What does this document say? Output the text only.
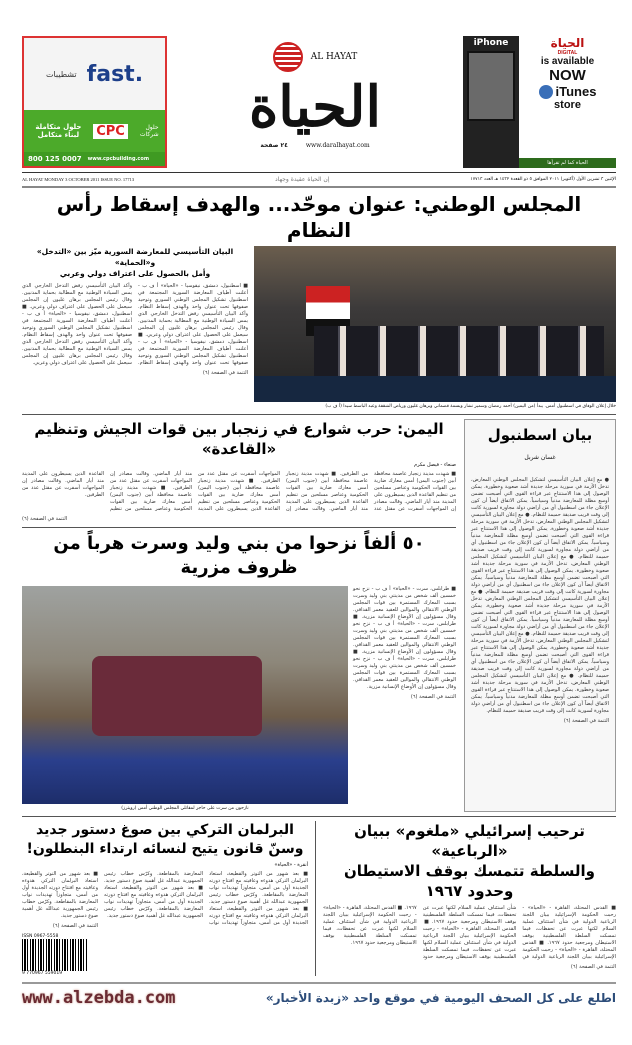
تشطيبات fast.
حلول متكاملة لبناء متكامل	CPC	حلول شركات
800 125 0007 www.cpcbuilding.com
AL HAYAT
الحياة
٢٤ صفحة	www.daralhayat.com
iPhone	الحياة
DIGITAL
is available
NOW
iTunes
store
الحياة كما لم تقرأها
AL HAYAT MONDAY 3 OCTOBER 2011 ISSUE NO. 17713	إن الحياة عقيدة وجهاد	الإثنين ٣ تشرين الأول (أكتوبر) ٢٠١١ الموافق ٥ ذو القعدة ١٤٣٢ هـ العدد ١٧٧١٣
المجلس الوطني: عنوان موحّد... والهدف إسقاط رأس النظام
البيان التأسيسي للمعارضة السورية ميّز بين «التدخل» و«الحماية»
وأمل بالحصول على اعتراف دولي وعربي
■ اسطنبول، دمشق، نيقوسيا - «الحياة» أ ف ب - أعلنت أطياف المعارضة السورية المجتمعة في اسطنبول تشكيل المجلس الوطني السوري وتوحيد صفوفها تحت عنوان واحد والهدف إسقاط النظام. وأكد البيان التأسيسي رفض التدخل الخارجي الذي يمس السيادة الوطنية مع المطالبة بحماية المدنيين. وقال رئيس المجلس برهان غليون إن المجلس سيعمل على الحصول على اعتراف دولي وعربي. ■ اسطنبول، دمشق، نيقوسيا - «الحياة» أ ف ب - أعلنت أطياف المعارضة السورية المجتمعة في اسطنبول تشكيل المجلس الوطني السوري وتوحيد صفوفها تحت عنوان واحد والهدف إسقاط النظام. وأكد البيان التأسيسي رفض التدخل الخارجي الذي يمس السيادة الوطنية مع المطالبة بحماية المدنيين. وقال رئيس المجلس برهان غليون إن المجلس سيعمل على الحصول على اعتراف دولي وعربي. ■ اسطنبول، دمشق، نيقوسيا - «الحياة» أ ف ب - أعلنت أطياف المعارضة السورية المجتمعة في اسطنبول تشكيل المجلس الوطني السوري وتوحيد صفوفها تحت عنوان واحد والهدف إسقاط النظام. وأكد البيان التأسيسي رفض التدخل الخارجي الذي يمس السيادة الوطنية مع المطالبة بحماية المدنيين. وقال رئيس المجلس برهان غليون إن المجلس سيعمل على الحصول على اعتراف دولي وعربي.
التتمة في الصفحة (٦)
خلال إعلان الوفاق في اسطنبول أمس. يبدأ (من اليمين) أحمد رمضان وسمير نشار وبسمة قضماني وبرهان غليون ورياض الشقفة وعبد الباسط سيدا (أ ف ب)
اليمن: حرب شوارع في زنجبار بين قوات الجيش وتنظيم «القاعدة»
صنعاء - فيصل مكرم
■ شهدت مدينة زنجبار عاصمة محافظة أبين (جنوب اليمن) أمس معارك ضارية بين القوات الحكومية وعناصر مسلحين من تنظيم القاعدة الذين يسيطرون على المدينة منذ أيار الماضي. وقالت مصادر إن المواجهات أسفرت عن مقتل عدد من الطرفين. ■ شهدت مدينة زنجبار عاصمة محافظة أبين (جنوب اليمن) أمس معارك ضارية بين القوات الحكومية وعناصر مسلحين من تنظيم القاعدة الذين يسيطرون على المدينة منذ أيار الماضي. وقالت مصادر إن المواجهات أسفرت عن مقتل عدد من الطرفين. ■ شهدت مدينة زنجبار عاصمة محافظة أبين (جنوب اليمن) أمس معارك ضارية بين القوات الحكومية وعناصر مسلحين من تنظيم القاعدة الذين يسيطرون على المدينة منذ أيار الماضي. وقالت مصادر إن المواجهات أسفرت عن مقتل عدد من الطرفين. ■ شهدت مدينة زنجبار عاصمة محافظة أبين (جنوب اليمن) أمس معارك ضارية بين القوات الحكومية وعناصر مسلحين من تنظيم القاعدة الذين يسيطرون على المدينة منذ أيار الماضي. وقالت مصادر إن المواجهات أسفرت عن مقتل عدد من الطرفين.
التتمة في الصفحة (٦)
٥٠ ألفاً نزحوا من بني وليد وسرت هرباً من ظروف مزرية
نازحون من سرت على حاجز لمقاتلي المجلس الوطني أمس (رويترز)
■ طرابلس، سرت - «الحياة» أ ف ب - نزح نحو خمسين ألف شخص من مدينتي بني وليد وسرت بسبب المعارك المستمرة بين قوات المجلس الوطني الانتقالي والموالين للعقيد معمر القذافي. وقال مسؤولون إن الأوضاع الإنسانية مزرية. ■ طرابلس، سرت - «الحياة» أ ف ب - نزح نحو خمسين ألف شخص من مدينتي بني وليد وسرت بسبب المعارك المستمرة بين قوات المجلس الوطني الانتقالي والموالين للعقيد معمر القذافي. وقال مسؤولون إن الأوضاع الإنسانية مزرية. ■ طرابلس، سرت - «الحياة» أ ف ب - نزح نحو خمسين ألف شخص من مدينتي بني وليد وسرت بسبب المعارك المستمرة بين قوات المجلس الوطني الانتقالي والموالين للعقيد معمر القذافي. وقال مسؤولون إن الأوضاع الإنسانية مزرية.
التتمة في الصفحة (٦)
بيان اسطنبول
غسان شربل
● مع إعلان البيان التأسيسي لتشكيل المجلس الوطني المعارض، تدخل الأزمة في سورية مرحلة جديدة أشد صعوبة وخطورة. يمكن الوصول إلى هذا الاستنتاج عبر قراءة القوى التي أصبحت تضمن أوسع مظلة للمعارضة مدنياً وسياسياً. يمكن الاتفاق أيضاً أن كون الإعلان جاء من اسطنبول أي من أراضي دولة مجاورة لسورية كانت إلى وقت قريب صديقة حميمة للنظام. ● مع إعلان البيان التأسيسي لتشكيل المجلس الوطني المعارض، تدخل الأزمة في سورية مرحلة جديدة أشد صعوبة وخطورة. يمكن الوصول إلى هذا الاستنتاج عبر قراءة القوى التي أصبحت تضمن أوسع مظلة للمعارضة مدنياً وسياسياً. يمكن الاتفاق أيضاً أن كون الإعلان جاء من اسطنبول أي من أراضي دولة مجاورة لسورية كانت إلى وقت قريب صديقة حميمة للنظام. ● مع إعلان البيان التأسيسي لتشكيل المجلس الوطني المعارض، تدخل الأزمة في سورية مرحلة جديدة أشد صعوبة وخطورة. يمكن الوصول إلى هذا الاستنتاج عبر قراءة القوى التي أصبحت تضمن أوسع مظلة للمعارضة مدنياً وسياسياً. يمكن الاتفاق أيضاً أن كون الإعلان جاء من اسطنبول أي من أراضي دولة مجاورة لسورية كانت إلى وقت قريب صديقة حميمة للنظام. ● مع إعلان البيان التأسيسي لتشكيل المجلس الوطني المعارض، تدخل الأزمة في سورية مرحلة جديدة أشد صعوبة وخطورة. يمكن الوصول إلى هذا الاستنتاج عبر قراءة القوى التي أصبحت تضمن أوسع مظلة للمعارضة مدنياً وسياسياً. يمكن الاتفاق أيضاً أن كون الإعلان جاء من اسطنبول أي من أراضي دولة مجاورة لسورية كانت إلى وقت قريب صديقة حميمة للنظام. ● مع إعلان البيان التأسيسي لتشكيل المجلس الوطني المعارض، تدخل الأزمة في سورية مرحلة جديدة أشد صعوبة وخطورة. يمكن الوصول إلى هذا الاستنتاج عبر قراءة القوى التي أصبحت تضمن أوسع مظلة للمعارضة مدنياً وسياسياً. يمكن الاتفاق أيضاً أن كون الإعلان جاء من اسطنبول أي من أراضي دولة مجاورة لسورية كانت إلى وقت قريب صديقة حميمة للنظام. ● مع إعلان البيان التأسيسي لتشكيل المجلس الوطني المعارض، تدخل الأزمة في سورية مرحلة جديدة أشد صعوبة وخطورة. يمكن الوصول إلى هذا الاستنتاج عبر قراءة القوى التي أصبحت تضمن أوسع مظلة للمعارضة مدنياً وسياسياً. يمكن الاتفاق أيضاً أن كون الإعلان جاء من اسطنبول أي من أراضي دولة مجاورة لسورية كانت إلى وقت قريب صديقة حميمة للنظام.
التتمة في الصفحة (٦)
البرلمان التركي بين صوغ دستور جديد
وسنّ قانون يتيح لنسائه ارتداء البنطلون!
أنقرة - «الحياة»
■ بعد شهور من التوتر والقطيعة، استعاد البرلمان التركي هدوءه وعافيته مع افتتاح دورته الجديدة أول من أمس، متجاوزاً تهديدات نواب المعارضة بالمقاطعة. وكرّس خطاب رئيس الجمهورية عبدالله غل أهمية صوغ دستور جديد.
التتمة في الصفحة (٦)
ISSN 0967-5558
9 770967 559019
■ بعد شهور من التوتر والقطيعة، استعاد البرلمان التركي هدوءه وعافيته مع افتتاح دورته الجديدة أول من أمس، متجاوزاً تهديدات نواب المعارضة بالمقاطعة. وكرّس خطاب رئيس الجمهورية عبدالله غل أهمية صوغ دستور جديد. ■ بعد شهور من التوتر والقطيعة، استعاد البرلمان التركي هدوءه وعافيته مع افتتاح دورته الجديدة أول من أمس، متجاوزاً تهديدات نواب المعارضة بالمقاطعة. وكرّس خطاب رئيس الجمهورية عبدالله غل أهمية صوغ دستور جديد. ■ بعد شهور من التوتر والقطيعة، استعاد البرلمان التركي هدوءه وعافيته مع افتتاح دورته الجديدة أول من أمس، متجاوزاً تهديدات نواب المعارضة بالمقاطعة. وكرّس خطاب رئيس الجمهورية عبدالله غل أهمية صوغ دستور جديد.
ترحيب إسرائيلي «ملغوم» ببيان «الرباعية»
والسلطة تتمسك بوقف الاستيطان وحدود ١٩٦٧
■ القدس المحتلة، القاهرة - «الحياة» - رحبت الحكومة الإسرائيلية ببيان اللجنة الرباعية الدولية في شأن استئناف عملية السلام لكنها عبرت عن تحفظات، فيما تمسكت السلطة الفلسطينية بوقف الاستيطان ومرجعية حدود ١٩٦٧. ■ القدس المحتلة، القاهرة - «الحياة» - رحبت الحكومة الإسرائيلية ببيان اللجنة الرباعية الدولية في شأن استئناف عملية السلام لكنها عبرت عن تحفظات، فيما تمسكت السلطة الفلسطينية بوقف الاستيطان ومرجعية حدود ١٩٦٧. ■ القدس المحتلة، القاهرة - «الحياة» - رحبت الحكومة الإسرائيلية ببيان اللجنة الرباعية الدولية في شأن استئناف عملية السلام لكنها عبرت عن تحفظات، فيما تمسكت السلطة الفلسطينية بوقف الاستيطان ومرجعية حدود ١٩٦٧. ■ القدس المحتلة، القاهرة - «الحياة» - رحبت الحكومة الإسرائيلية ببيان اللجنة الرباعية الدولية في شأن استئناف عملية السلام لكنها عبرت عن تحفظات، فيما تمسكت السلطة الفلسطينية بوقف الاستيطان ومرجعية حدود ١٩٦٧.
التتمة في الصفحة (٦)
www.alzebda.com	اطلع على كل الصحف اليومية في موقع واحد «زبدة الأخبار»
